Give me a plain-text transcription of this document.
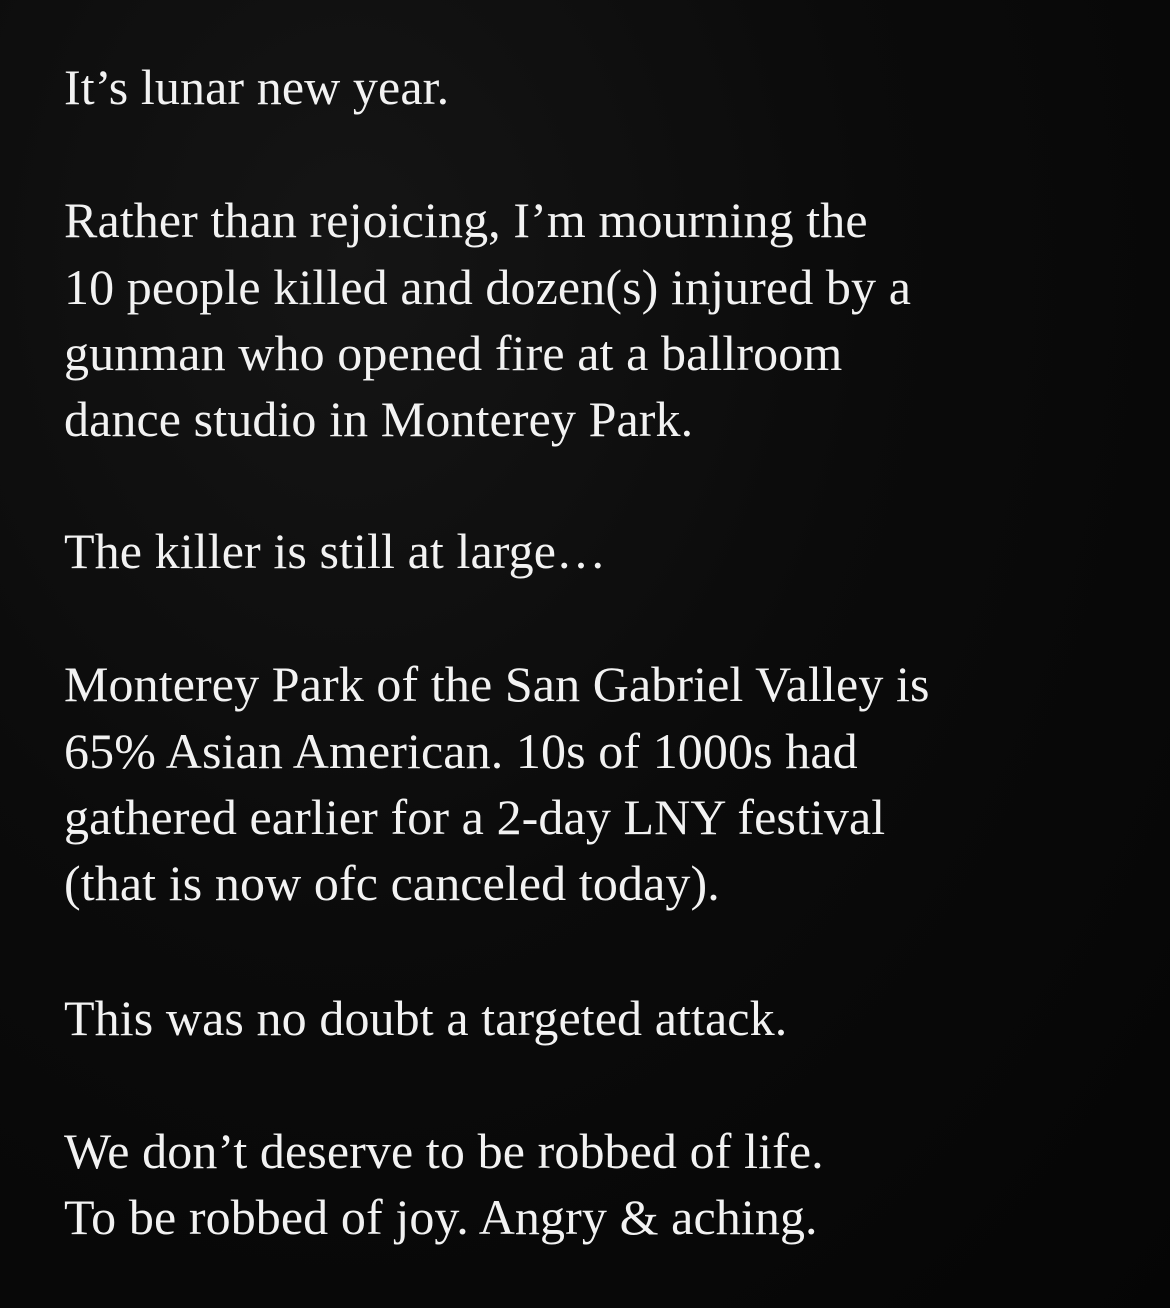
It’s lunar new year.

Rather than rejoicing, I’m mourning the

10 people killed and dozen(s) injured by a

gunman who opened fire at a ballroom

dance studio in Monterey Park.

The killer is still at large…

Monterey Park of the San Gabriel Valley is

65% Asian American. 10s of 1000s had

gathered earlier for a 2-day LNY festival

(that is now ofc canceled today).

This was no doubt a targeted attack.

We don’t deserve to be robbed of life.

To be robbed of joy. Angry & aching.
